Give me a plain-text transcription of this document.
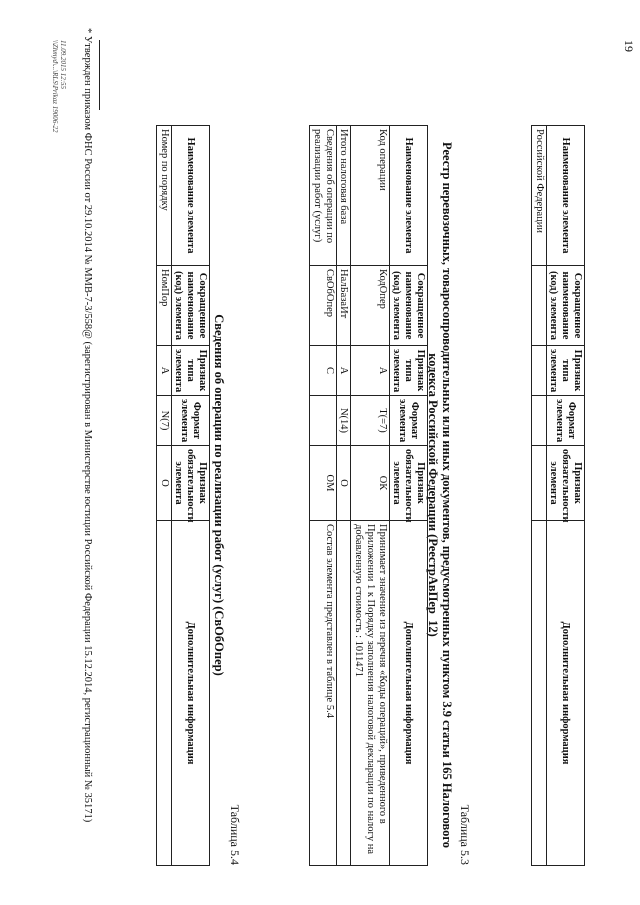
19
Наименование элемента	Сокращенное наименование (код) элемента	Признак типа элемента	Формат элемента	Признак обязательности элемента	Дополнительная информация
Российской Федерации					
Таблица 5.3
Реестр перевозочных, товаросопроводительных или иных документов, предусмотренных пунктом 3.9 статьи 165 Налогового кодекса Российской Федерации (РеестрАвПер_12)
Наименование элемента	Сокращенное наименование (код) элемента	Признак типа элемента	Формат элемента	Признак обязательности элемента	Дополнительная информация
Код операции	КодОпер	А	T(=7)	ОК	Принимает значение из перечня «Коды операций», приведенного в Приложении 1 к Порядку заполнения налоговой декларации по налогу на добавленную стоимость : 1011471
Итого налоговая база	НалБазаИт	А	N(14)	О	
Сведения об операции по реализации работ (услуг)	СвОбОпер	С		ОМ	Состав элемента представлен в таблице 5.4
Таблица 5.4
Сведения об операции по реализации работ (услуг) (СвОбОпер)
Наименование элемента	Сокращенное наименование (код) элемента	Признак типа элемента	Формат элемента	Признак обязательности элемента	Дополнительная информация
Номер по порядку	НомПор	А	N(7)	О	
* Утвержден приказом ФНС России от 29.10.2014 № ММВ-7-3/558@ (зарегистрирован в Министерстве юстиции Российской Федерации 15.12.2014, регистрационный № 35171)
11.09.2015 12:55
\\Zhmyd\...\RLS\Prikaz 19006-22
